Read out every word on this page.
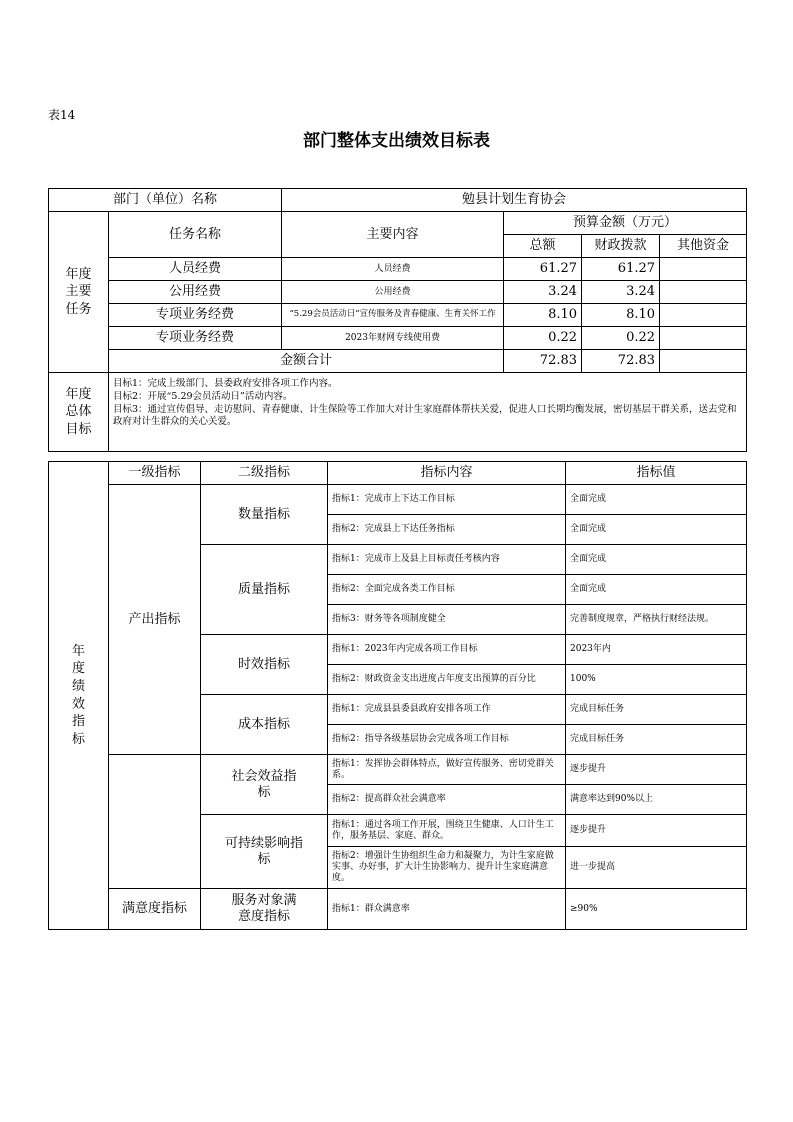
表14
部门整体支出绩效目标表
部门（单位）名称		勉县计划生育协会			
年度主要任务	任务名称	主要内容	预算金额（万元）		
			总额	财政拨款	其他资金
	人员经费	人员经费	61.27	61.27	
	公用经费	公用经费	3.24	3.24	
	专项业务经费	“5.29会员活动日”宣传服务及青春健康、生育关怀工作	8.10	8.10	
	专项业务经费	2023年财网专线使用费	0.22	0.22	
	金额合计		72.83	72.83	
年度总体目标	目标1：完成上级部门、县委政府安排各项工作内容。
目标2：开展“5.29会员活动日”活动内容。
目标3：通过宣传倡导、走访慰问、青春健康、计生保险等工作加大对计生家庭群体帮扶关爱，促进人口长期均衡发展，密切基层干群关系，送去党和政府对计生群众的关心关爱。				
年度绩效指标	一级指标	二级指标	指标内容	指标值
	产出指标	数量指标	指标1：完成市上下达工作目标	全面完成
			指标2：完成县上下达任务指标	全面完成
		质量指标	指标1：完成市上及县上目标责任考核内容	全面完成
			指标2：全面完成各类工作目标	全面完成
			指标3：财务等各项制度健全	完善制度规章，严格执行财经法规。
		时效指标	指标1：2023年内完成各项工作目标	2023年内
			指标2：财政资金支出进度占年度支出预算的百分比	100%
		成本指标	指标1：完成县县委县政府安排各项工作	完成目标任务
			指标2：指导各级基层协会完成各项工作目标	完成目标任务
		社会效益指标	指标1：发挥协会群体特点，做好宣传服务、密切党群关系。	逐步提升
			指标2：提高群众社会满意率	满意率达到90%以上
		可持续影响指标	指标1：通过各项工作开展，围绕卫生健康、人口计生工作，服务基层、家庭、群众。	逐步提升
			指标2：增强计生协组织生命力和凝聚力，为计生家庭做实事、办好事，扩大计生协影响力、提升计生家庭满意度。	进一步提高
	满意度指标	服务对象满意度指标	指标1：群众满意率	≥90%
